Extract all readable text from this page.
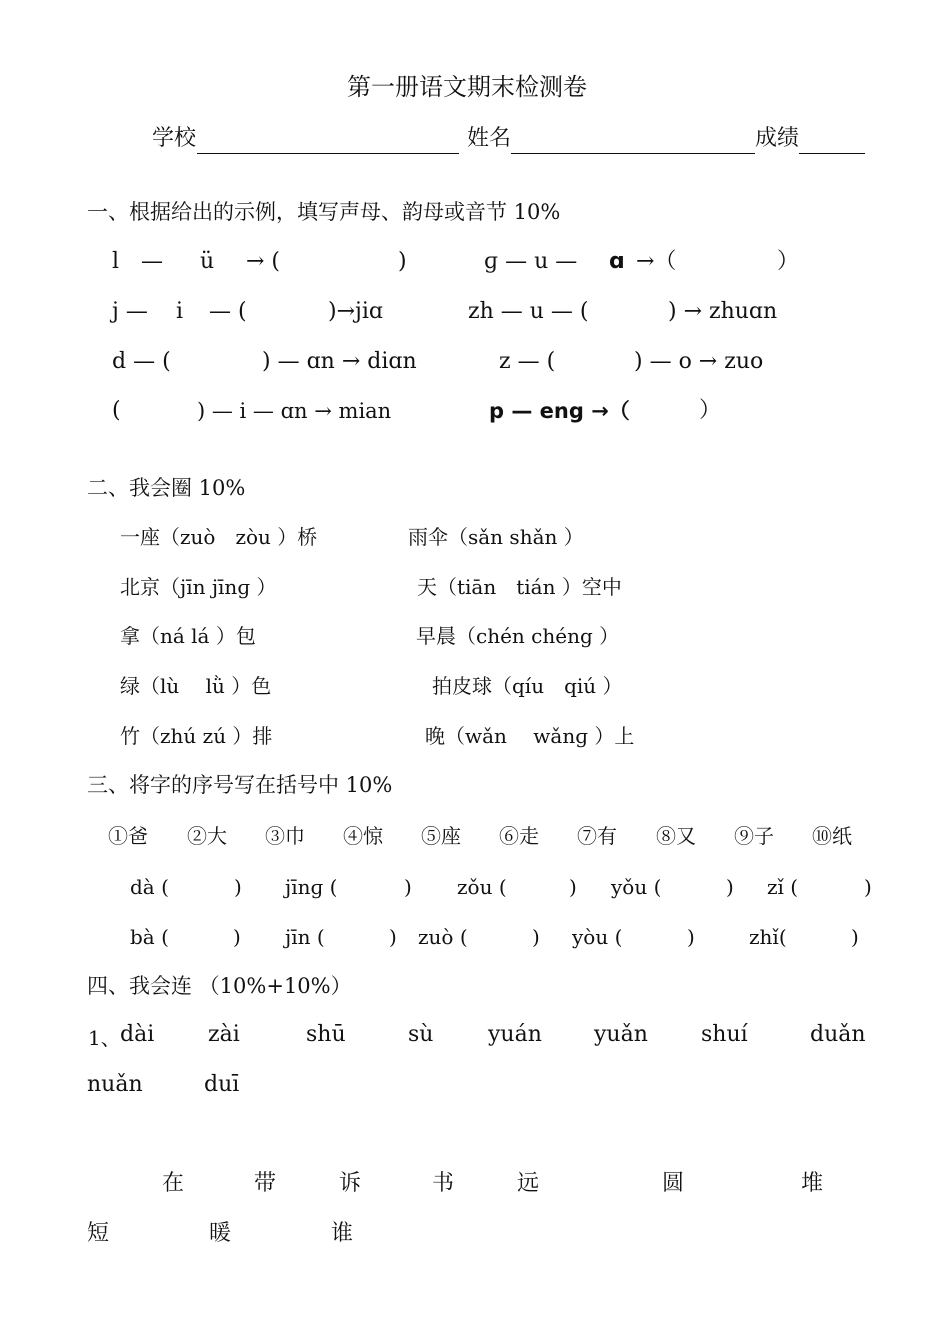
第一册语文期末检测卷
学校	姓名	成绩
一、根据给出的示例，填写声母、韵母或音节 10%
l — ü → (	)	ɡ — u — ɑ →（	）
j — i — (	)→jiɑ	zh — u — (	) → zhuɑn
d — (	) — ɑn → diɑn	z — (	) — o → zuo
(	) — i — ɑn → mian	p — eng →（	）
二、我会圈 10%
一座（zuò　zòu ）桥	雨伞（sǎn shǎn ）
北京（jīn jīnɡ ）	天（tiān　tián ）空中
拿（ná lá ）包	早晨（chén chéng ）
绿（lù　 lǜ ）色	拍皮球（qíu　qiú ）
竹（zhú zú ）排	晚（wǎn　 wǎnɡ ）上
三、将字的序号写在括号中 10%
①爸 ②大 ③巾 ④惊 ⑤座 ⑥走 ⑦有 ⑧又 ⑨子 ⑩纸
dà (	) jīnɡ (	) zǒu (	) yǒu (	) zǐ (	)
bà (	) jīn (	) zuò (	) yòu (	)	zhǐ(	)
四、我会连 （10%+10%）
1、 dài zài	shū	sù yuán yuǎn shuí	duǎn
nuǎn	duī
在	带	诉	书	远	圆	堆
短	暖	谁
